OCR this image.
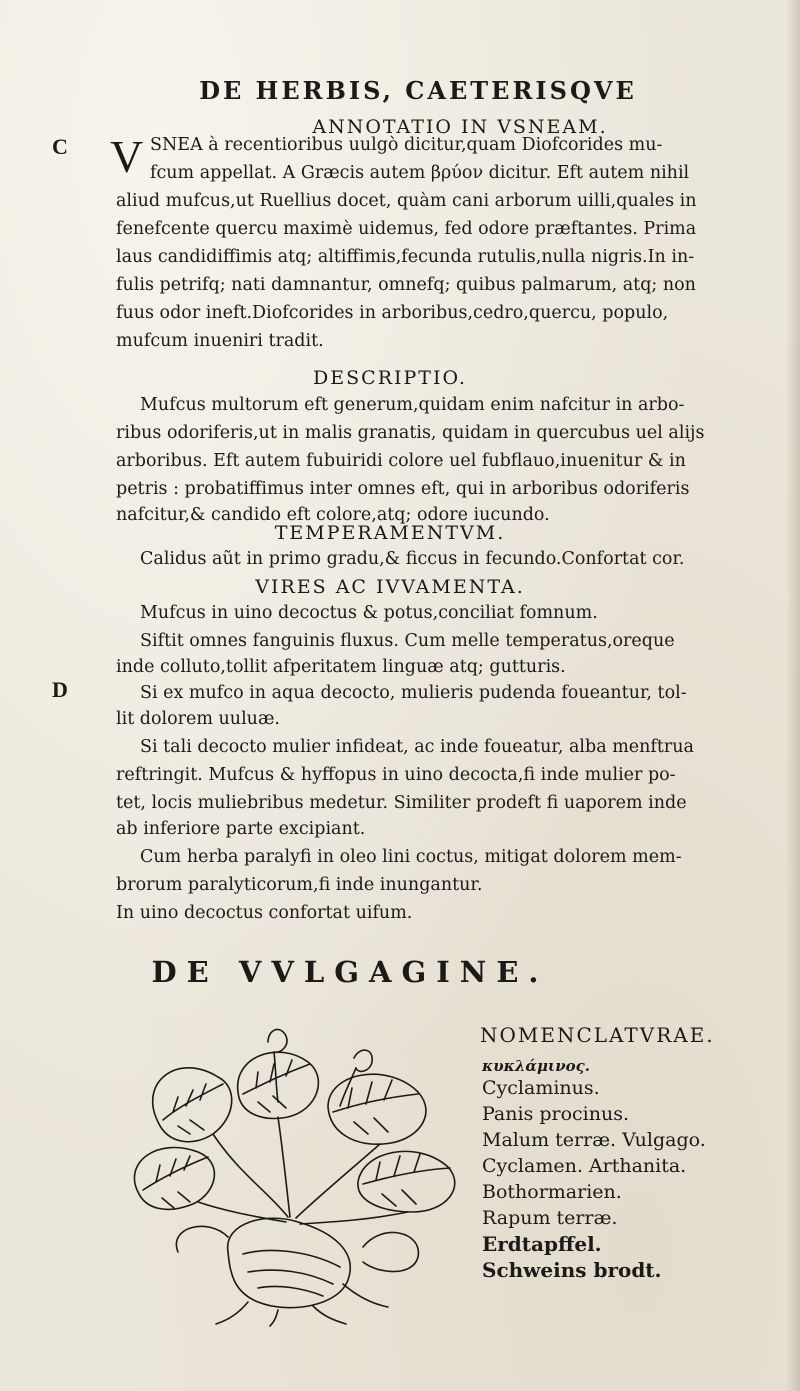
DE HERBIS, CAETERISQVE
C
D
ANNOTATIO IN VSNEAM.
V SNEA à recentioribus uulgò dicitur,quam Diofcorides mu-
fcum appellat. A Græcis autem βρύον dicitur. Eft autem nihil
aliud mufcus,ut Ruellius docet, quàm cani arborum uilli,quales in
fenefcente quercu maximè uidemus, fed odore præftantes. Prima
laus candidiffimis atq; altiffimis,fecunda rutulis,nulla nigris.In in-
fulis petrifq; nati damnantur, omnefq; quibus palmarum, atq; non
fuus odor ineft.Diofcorides in arboribus,cedro,quercu, populo,
mufcum inueniri tradit.
DESCRIPTIO.
Mufcus multorum eft generum,quidam enim nafcitur in arbo-
ribus odoriferis,ut in malis granatis, quidam in quercubus uel alijs
arboribus. Eft autem fubuiridi colore uel fubflauo,inuenitur & in
petris : probatiffimus inter omnes eft, qui in arboribus odoriferis
nafcitur,& candido eft colore,atq; odore iucundo.
TEMPERAMENTVM.
Calidus aũt in primo gradu,& ficcus in fecundo.Confortat cor.
VIRES AC IVVAMENTA.
Mufcus in uino decoctus & potus,conciliat fomnum.
Siftit omnes fanguinis fluxus. Cum melle temperatus,oreque
inde colluto,tollit afperitatem linguæ atq; gutturis.
Si ex mufco in aqua decocto, mulieris pudenda foueantur, tol-
lit dolorem uuluæ.
Si tali decocto mulier infideat, ac inde foueatur, alba menftrua
reftringit. Mufcus & hyffopus in uino decocta,fi inde mulier po-
tet, locis muliebribus medetur. Similiter prodeft fi uaporem inde
ab inferiore parte excipiant.
Cum herba paralyfi in oleo lini coctus, mitigat dolorem mem-
brorum paralyticorum,fi inde inungantur.
In uino decoctus confortat uifum.
DE VVLGAGINE.
NOMENCLATVRAE.
κυκλάμινος.
Cyclaminus.
Panis procinus.
Malum terræ. Vulgago.
Cyclamen. Arthanita.
Bothormarien.
Rapum terræ.
Erdtapffel.
Schweins brodt.
